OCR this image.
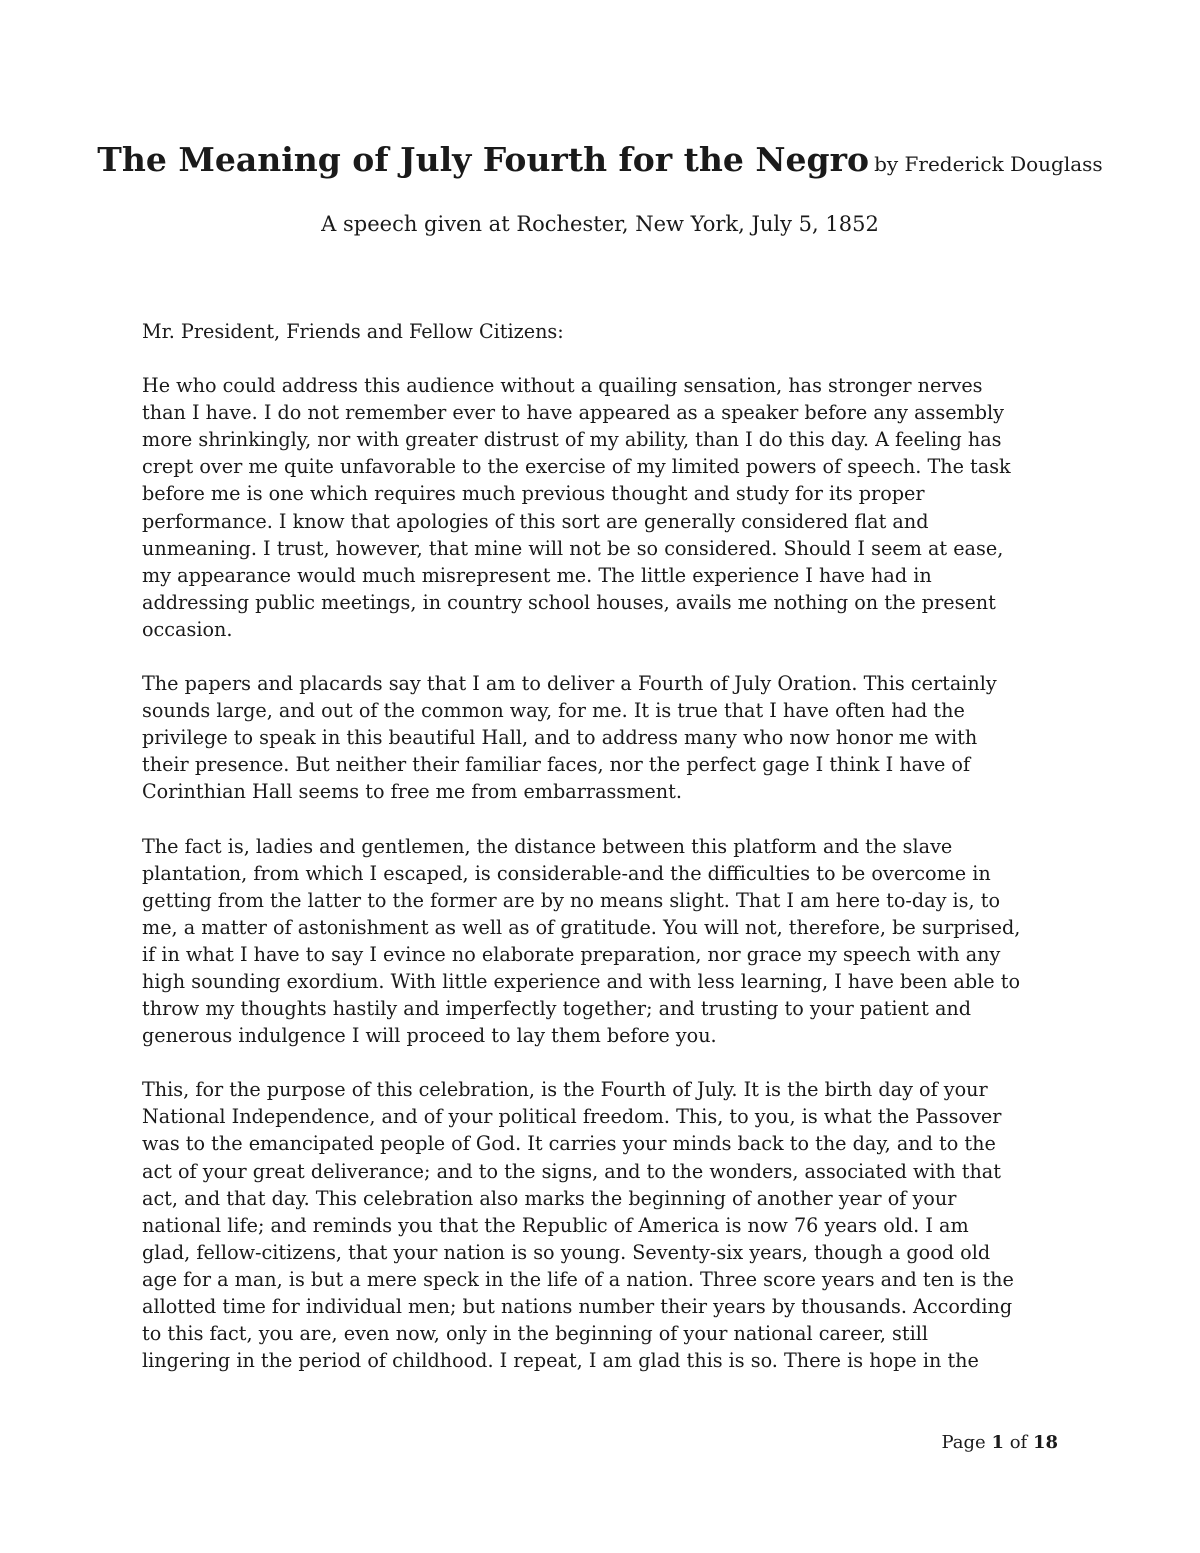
The Meaning of July Fourth for the Negro by Frederick Douglass
A speech given at Rochester, New York, July 5, 1852

Mr. President, Friends and Fellow Citizens:

He who could address this audience without a quailing sensation, has stronger nerves
than I have. I do not remember ever to have appeared as a speaker before any assembly
more shrinkingly, nor with greater distrust of my ability, than I do this day. A feeling has
crept over me quite unfavorable to the exercise of my limited powers of speech. The task
before me is one which requires much previous thought and study for its proper
performance. I know that apologies of this sort are generally considered flat and
unmeaning. I trust, however, that mine will not be so considered. Should I seem at ease,
my appearance would much misrepresent me. The little experience I have had in
addressing public meetings, in country school houses, avails me nothing on the present
occasion.

The papers and placards say that I am to deliver a Fourth of July Oration. This certainly
sounds large, and out of the common way, for me. It is true that I have often had the
privilege to speak in this beautiful Hall, and to address many who now honor me with
their presence. But neither their familiar faces, nor the perfect gage I think I have of
Corinthian Hall seems to free me from embarrassment.

The fact is, ladies and gentlemen, the distance between this platform and the slave
plantation, from which I escaped, is considerable-and the difficulties to be overcome in
getting from the latter to the former are by no means slight. That I am here to-day is, to
me, a matter of astonishment as well as of gratitude. You will not, therefore, be surprised,
if in what I have to say I evince no elaborate preparation, nor grace my speech with any
high sounding exordium. With little experience and with less learning, I have been able to
throw my thoughts hastily and imperfectly together; and trusting to your patient and
generous indulgence I will proceed to lay them before you.

This, for the purpose of this celebration, is the Fourth of July. It is the birth day of your
National Independence, and of your political freedom. This, to you, is what the Passover
was to the emancipated people of God. It carries your minds back to the day, and to the
act of your great deliverance; and to the signs, and to the wonders, associated with that
act, and that day. This celebration also marks the beginning of another year of your
national life; and reminds you that the Republic of America is now 76 years old. I am
glad, fellow-citizens, that your nation is so young. Seventy-six years, though a good old
age for a man, is but a mere speck in the life of a nation. Three score years and ten is the
allotted time for individual men; but nations number their years by thousands. According
to this fact, you are, even now, only in the beginning of your national career, still
lingering in the period of childhood. I repeat, I am glad this is so. There is hope in the

Page 1 of 18
